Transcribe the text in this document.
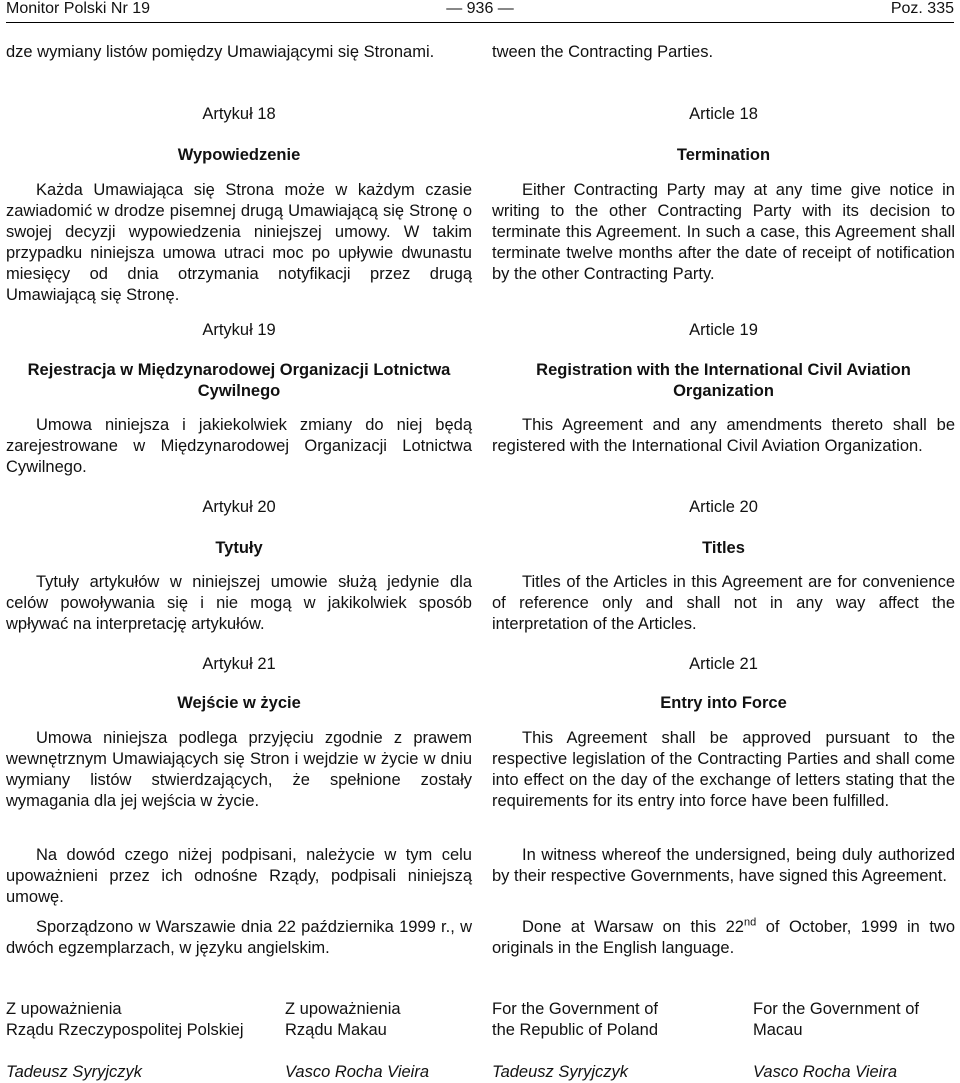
Monitor Polski Nr 19	— 936 —	Poz. 335

dze wymiany listów pomiędzy Umawiającymi się Stronami.

Artykuł 18

Wypowiedzenie

Każda Umawiająca się Strona może w każdym czasie zawiadomić w drodze pisemnej drugą Umawiającą się Stronę o swojej decyzji wypowiedzenia niniejszej umowy. W takim przypadku niniejsza umowa utraci moc po upływie dwunastu miesięcy od dnia otrzymania notyfikacji przez drugą Umawiającą się Stronę.

Artykuł 19

Rejestracja w Międzynarodowej Organizacji Lotnictwa Cywilnego

Umowa niniejsza i jakiekolwiek zmiany do niej będą zarejestrowane w Międzynarodowej Organizacji Lotnictwa Cywilnego.

Artykuł 20

Tytuły

Tytuły artykułów w niniejszej umowie służą jedynie dla celów powoływania się i nie mogą w jakikolwiek sposób wpływać na interpretację artykułów.

Artykuł 21

Wejście w życie

Umowa niniejsza podlega przyjęciu zgodnie z prawem wewnętrznym Umawiających się Stron i wejdzie w życie w dniu wymiany listów stwierdzających, że spełnione zostały wymagania dla jej wejścia w życie.

Na dowód czego niżej podpisani, należycie w tym celu upoważnieni przez ich odnośne Rządy, podpisali niniejszą umowę.

Sporządzono w Warszawie dnia 22 października 1999 r., w dwóch egzemplarzach, w języku angielskim.

tween the Contracting Parties.

Article 18

Termination

Either Contracting Party may at any time give notice in writing to the other Contracting Party with its decision to terminate this Agreement. In such a case, this Agreement shall terminate twelve months after the date of receipt of notification by the other Contracting Party.

Article 19

Registration with the International Civil Aviation Organization

This Agreement and any amendments thereto shall be registered with the International Civil Aviation Organization.

Article 20

Titles

Titles of the Articles in this Agreement are for convenience of reference only and shall not in any way affect the interpretation of the Articles.

Article 21

Entry into Force

This Agreement shall be approved pursuant to the respective legislation of the Contracting Parties and shall come into effect on the day of the exchange of letters stating that the requirements for its entry into force have been fulfilled.

In witness whereof the undersigned, being duly authorized by their respective Governments, have signed this Agreement.

Done at Warsaw on this 22nd of October, 1999 in two originals in the English language.

Z upoważnienia
Rządu Rzeczypospolitej Polskiej
Tadeusz Syryjczyk
Z upoważnienia
Rządu Makau
Vasco Rocha Vieira
For the Government of
the Republic of Poland
Tadeusz Syryjczyk
For the Government of
Macau
Vasco Rocha Vieira
